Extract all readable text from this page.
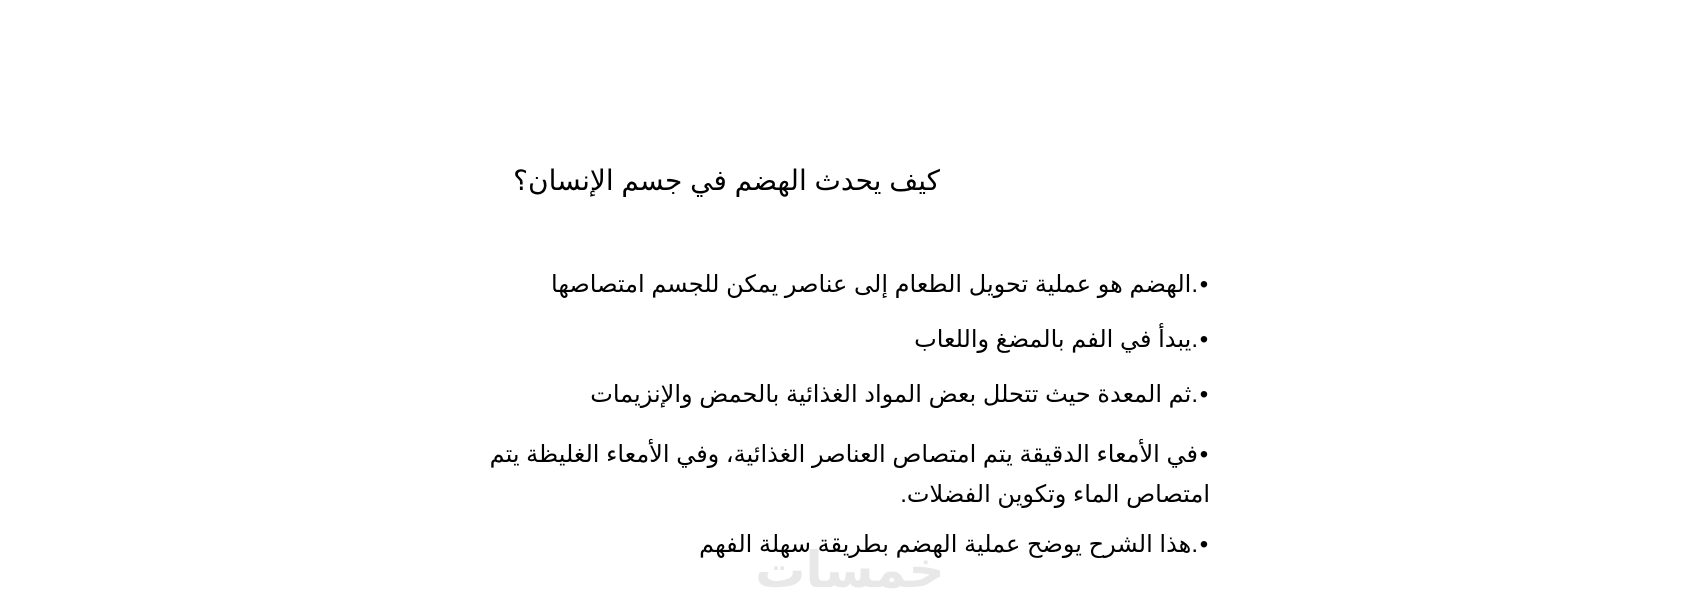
كيف يحدث الهضم في جسم الإنسان؟
•.الهضم هو عملية تحويل الطعام إلى عناصر يمكن للجسم امتصاصها
•.يبدأ في الفم بالمضغ واللعاب
•.ثم المعدة حيث تتحلل بعض المواد الغذائية بالحمض والإنزيمات
•في الأمعاء الدقيقة يتم امتصاص العناصر الغذائية، وفي الأمعاء الغليظة يتم امتصاص الماء وتكوين الفضلات.
•.هذا الشرح يوضح عملية الهضم بطريقة سهلة الفهم
خمسات
